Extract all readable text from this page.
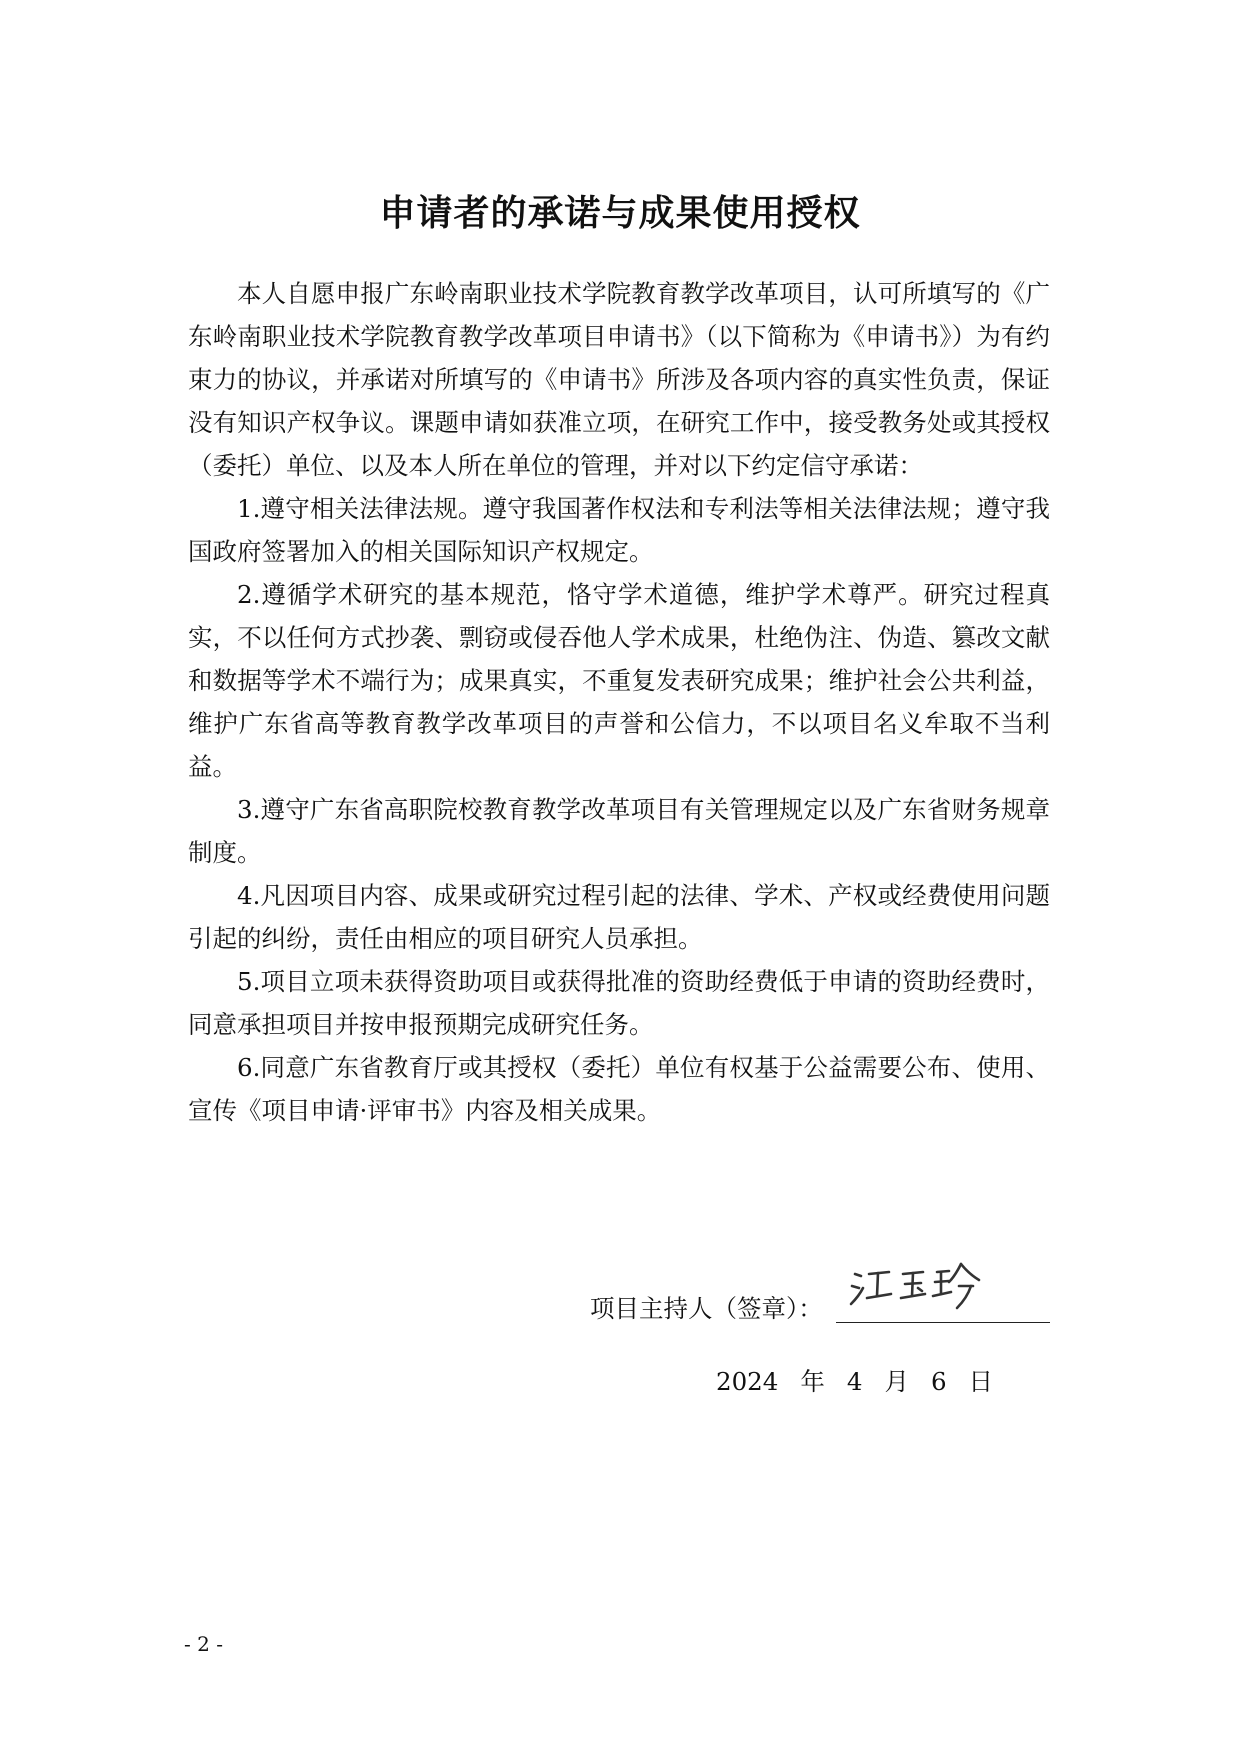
申请者的承诺与成果使用授权

本人自愿申报广东岭南职业技术学院教育教学改革项目，认可所填写的《广东岭南职业技术学院教育教学改革项目申请书》（以下简称为《申请书》）为有约束力的协议，并承诺对所填写的《申请书》所涉及各项内容的真实性负责，保证没有知识产权争议。课题申请如获准立项，在研究工作中，接受教务处或其授权（委托）单位、以及本人所在单位的管理，并对以下约定信守承诺：

1.遵守相关法律法规。遵守我国著作权法和专利法等相关法律法规；遵守我国政府签署加入的相关国际知识产权规定。

2.遵循学术研究的基本规范，恪守学术道德，维护学术尊严。研究过程真实，不以任何方式抄袭、剽窃或侵吞他人学术成果，杜绝伪注、伪造、篡改文献和数据等学术不端行为；成果真实，不重复发表研究成果；维护社会公共利益，维护广东省高等教育教学改革项目的声誉和公信力，不以项目名义牟取不当利益。

3.遵守广东省高职院校教育教学改革项目有关管理规定以及广东省财务规章制度。

4.凡因项目内容、成果或研究过程引起的法律、学术、产权或经费使用问题引起的纠纷，责任由相应的项目研究人员承担。

5.项目立项未获得资助项目或获得批准的资助经费低于申请的资助经费时，同意承担项目并按申报预期完成研究任务。

6.同意广东省教育厅或其授权（委托）单位有权基于公益需要公布、使用、宣传《项目申请·评审书》内容及相关成果。

项目主持人（签章）：
2024 年 4 月 6 日
- 2 -
